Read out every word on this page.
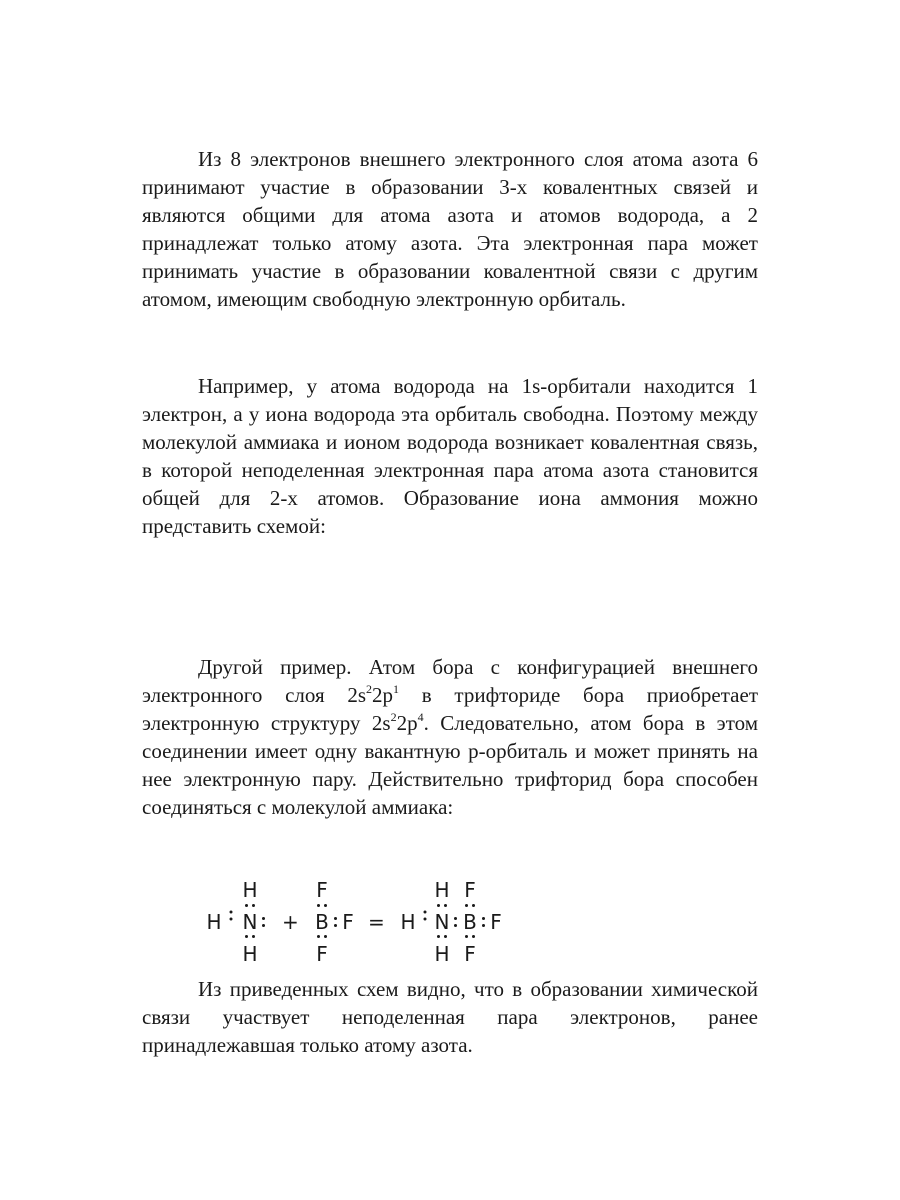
Из 8 электронов внешнего электронного слоя атома азота 6 принимают участие в образовании 3-х ковалентных связей и являются общими для атома азота и атомов водорода, а 2 принадлежат только атому азота. Эта электронная пара может принимать участие в образовании ковалентной связи с другим атомом, имеющим свободную электронную орбиталь.

Например, у атома водорода на 1s-орбитали находится 1 электрон, а у иона водорода эта орбиталь свободна. Поэтому между молекулой аммиака и ионом водорода возникает ковалентная связь, в которой неподеленная электронная пара атома азота становится общей для 2-х атомов. Образование иона аммония можно представить схемой:

Другой пример. Атом бора с конфигурацией внешнего электронного слоя $2s^22p^1$ в трифториде бора приобретает электронную структуру $2s^22p^4$. Следовательно, атом бора в этом соединении имеет одну вакантную p-орбиталь и может принять на нее электронную пару. Действительно трифторид бора способен соединяться с молекулой аммиака:

H
H N
H
+
F
B F
F
= H
H
N
H
F
B
F
F

Из приведенных схем видно, что в образовании химической связи участвует неподеленная пара электронов, ранее принадлежавшая только атому азота.
